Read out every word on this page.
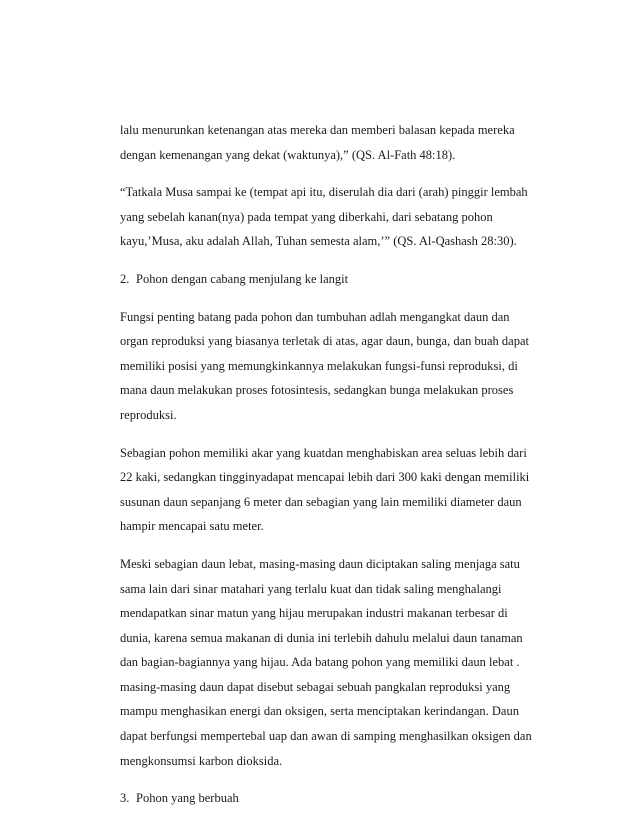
lalu menurunkan ketenangan atas mereka dan memberi balasan kepada mereka
dengan kemenangan yang dekat (waktunya),” (QS. Al-Fath 48:18).
“Tatkala Musa sampai ke (tempat api itu, diserulah dia dari (arah) pinggir lembah
yang sebelah kanan(nya) pada tempat yang diberkahi, dari sebatang pohon
kayu,’Musa, aku adalah Allah, Tuhan semesta alam,’” (QS. Al-Qashash 28:30).
2. Pohon dengan cabang menjulang ke langit
Fungsi penting batang pada pohon dan tumbuhan adlah mengangkat daun dan
organ reproduksi yang biasanya terletak di atas, agar daun, bunga, dan buah dapat
memiliki posisi yang memungkinkannya melakukan fungsi-funsi reproduksi, di
mana daun melakukan proses fotosintesis, sedangkan bunga melakukan proses
reproduksi.
Sebagian pohon memiliki akar yang kuatdan menghabiskan area seluas lebih dari
22 kaki, sedangkan tingginyadapat mencapai lebih dari 300 kaki dengan memiliki
susunan daun sepanjang 6 meter dan sebagian yang lain memiliki diameter daun
hampir mencapai satu meter.
Meski sebagian daun lebat, masing-masing daun diciptakan saling menjaga satu
sama lain dari sinar matahari yang terlalu kuat dan tidak saling menghalangi
mendapatkan sinar matun yang hijau merupakan industri makanan terbesar di
dunia, karena semua makanan di dunia ini terlebih dahulu melalui daun tanaman
dan bagian-bagiannya yang hijau. Ada batang pohon yang memiliki daun lebat .
masing-masing daun dapat disebut sebagai sebuah pangkalan reproduksi yang
mampu menghasikan energi dan oksigen, serta menciptakan kerindangan. Daun
dapat berfungsi mempertebal uap dan awan di samping menghasilkan oksigen dan
mengkonsumsi karbon dioksida.
3. Pohon yang berbuah
